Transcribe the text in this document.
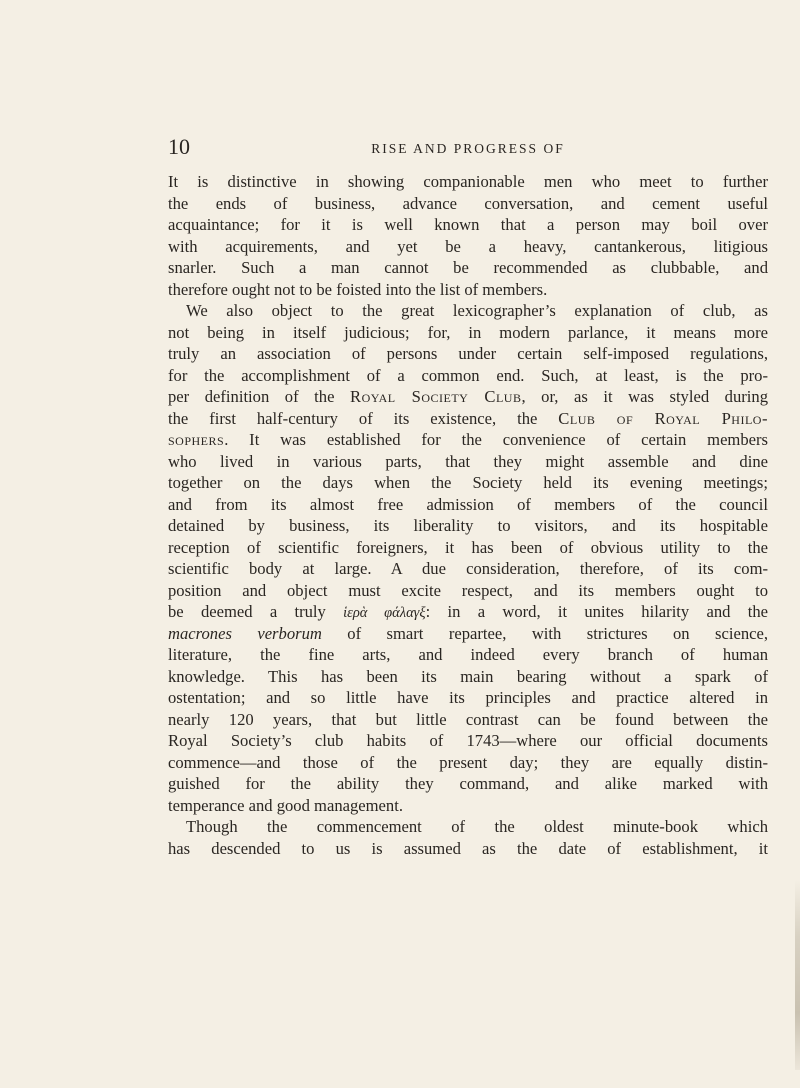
10	RISE AND PROGRESS OF
It is distinctive in showing companionable men who meet to further
the ends of business, advance conversation, and cement useful
acquaintance; for it is well known that a person may boil over
with acquirements, and yet be a heavy, cantankerous, litigious
snarler. Such a man cannot be recommended as clubbable, and
therefore ought not to be foisted into the list of members.
We also object to the great lexicographer’s explanation of club, as
not being in itself judicious; for, in modern parlance, it means more
truly an association of persons under certain self-imposed regulations,
for the accomplishment of a common end. Such, at least, is the pro-
per definition of the Royal Society Club, or, as it was styled during
the first half-century of its existence, the Club of Royal Philo-
sophers. It was established for the convenience of certain members
who lived in various parts, that they might assemble and dine
together on the days when the Society held its evening meetings;
and from its almost free admission of members of the council
detained by business, its liberality to visitors, and its hospitable
reception of scientific foreigners, it has been of obvious utility to the
scientific body at large. A due consideration, therefore, of its com-
position and object must excite respect, and its members ought to
be deemed a truly ἱερὰ φάλαγξ: in a word, it unites hilarity and the
macrones verborum of smart repartee, with strictures on science,
literature, the fine arts, and indeed every branch of human
knowledge. This has been its main bearing without a spark of
ostentation; and so little have its principles and practice altered in
nearly 120 years, that but little contrast can be found between the
Royal Society’s club habits of 1743—where our official documents
commence—and those of the present day; they are equally distin-
guished for the ability they command, and alike marked with
temperance and good management.
Though the commencement of the oldest minute-book which
has descended to us is assumed as the date of establishment, it
